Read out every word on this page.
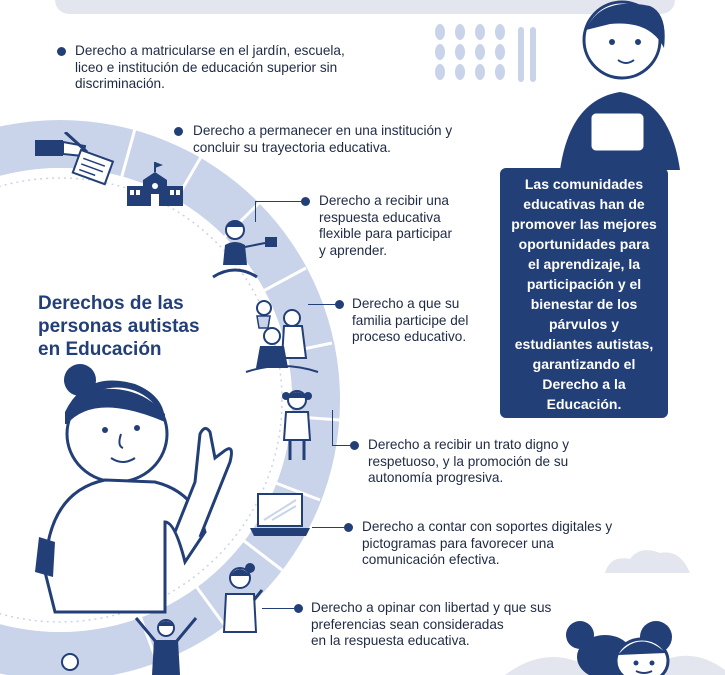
Derecho a matricularse en el jardín, escuela,
liceo e institución de educación superior sin
discriminación.
Derecho a permanecer en una institución y
concluir su trayectoria educativa.
Derecho a recibir una
respuesta educativa
flexible para participar
y aprender.
Derecho a que su
familia participe del
proceso educativo.
Derecho a recibir un trato digno y
respetuoso, y la promoción de su
autonomía progresiva.
Derecho a contar con soportes digitales y
pictogramas para favorecer una
comunicación efectiva.
Derecho a opinar con libertad y que sus
preferencias sean consideradas
en la respuesta educativa.
Derechos de las
personas autistas
en Educación
Las comunidades
educativas han de
promover las mejores
oportunidades para
el aprendizaje, la
participación y el
bienestar de los
párvulos y
estudiantes autistas,
garantizando el
Derecho a la
Educación.
